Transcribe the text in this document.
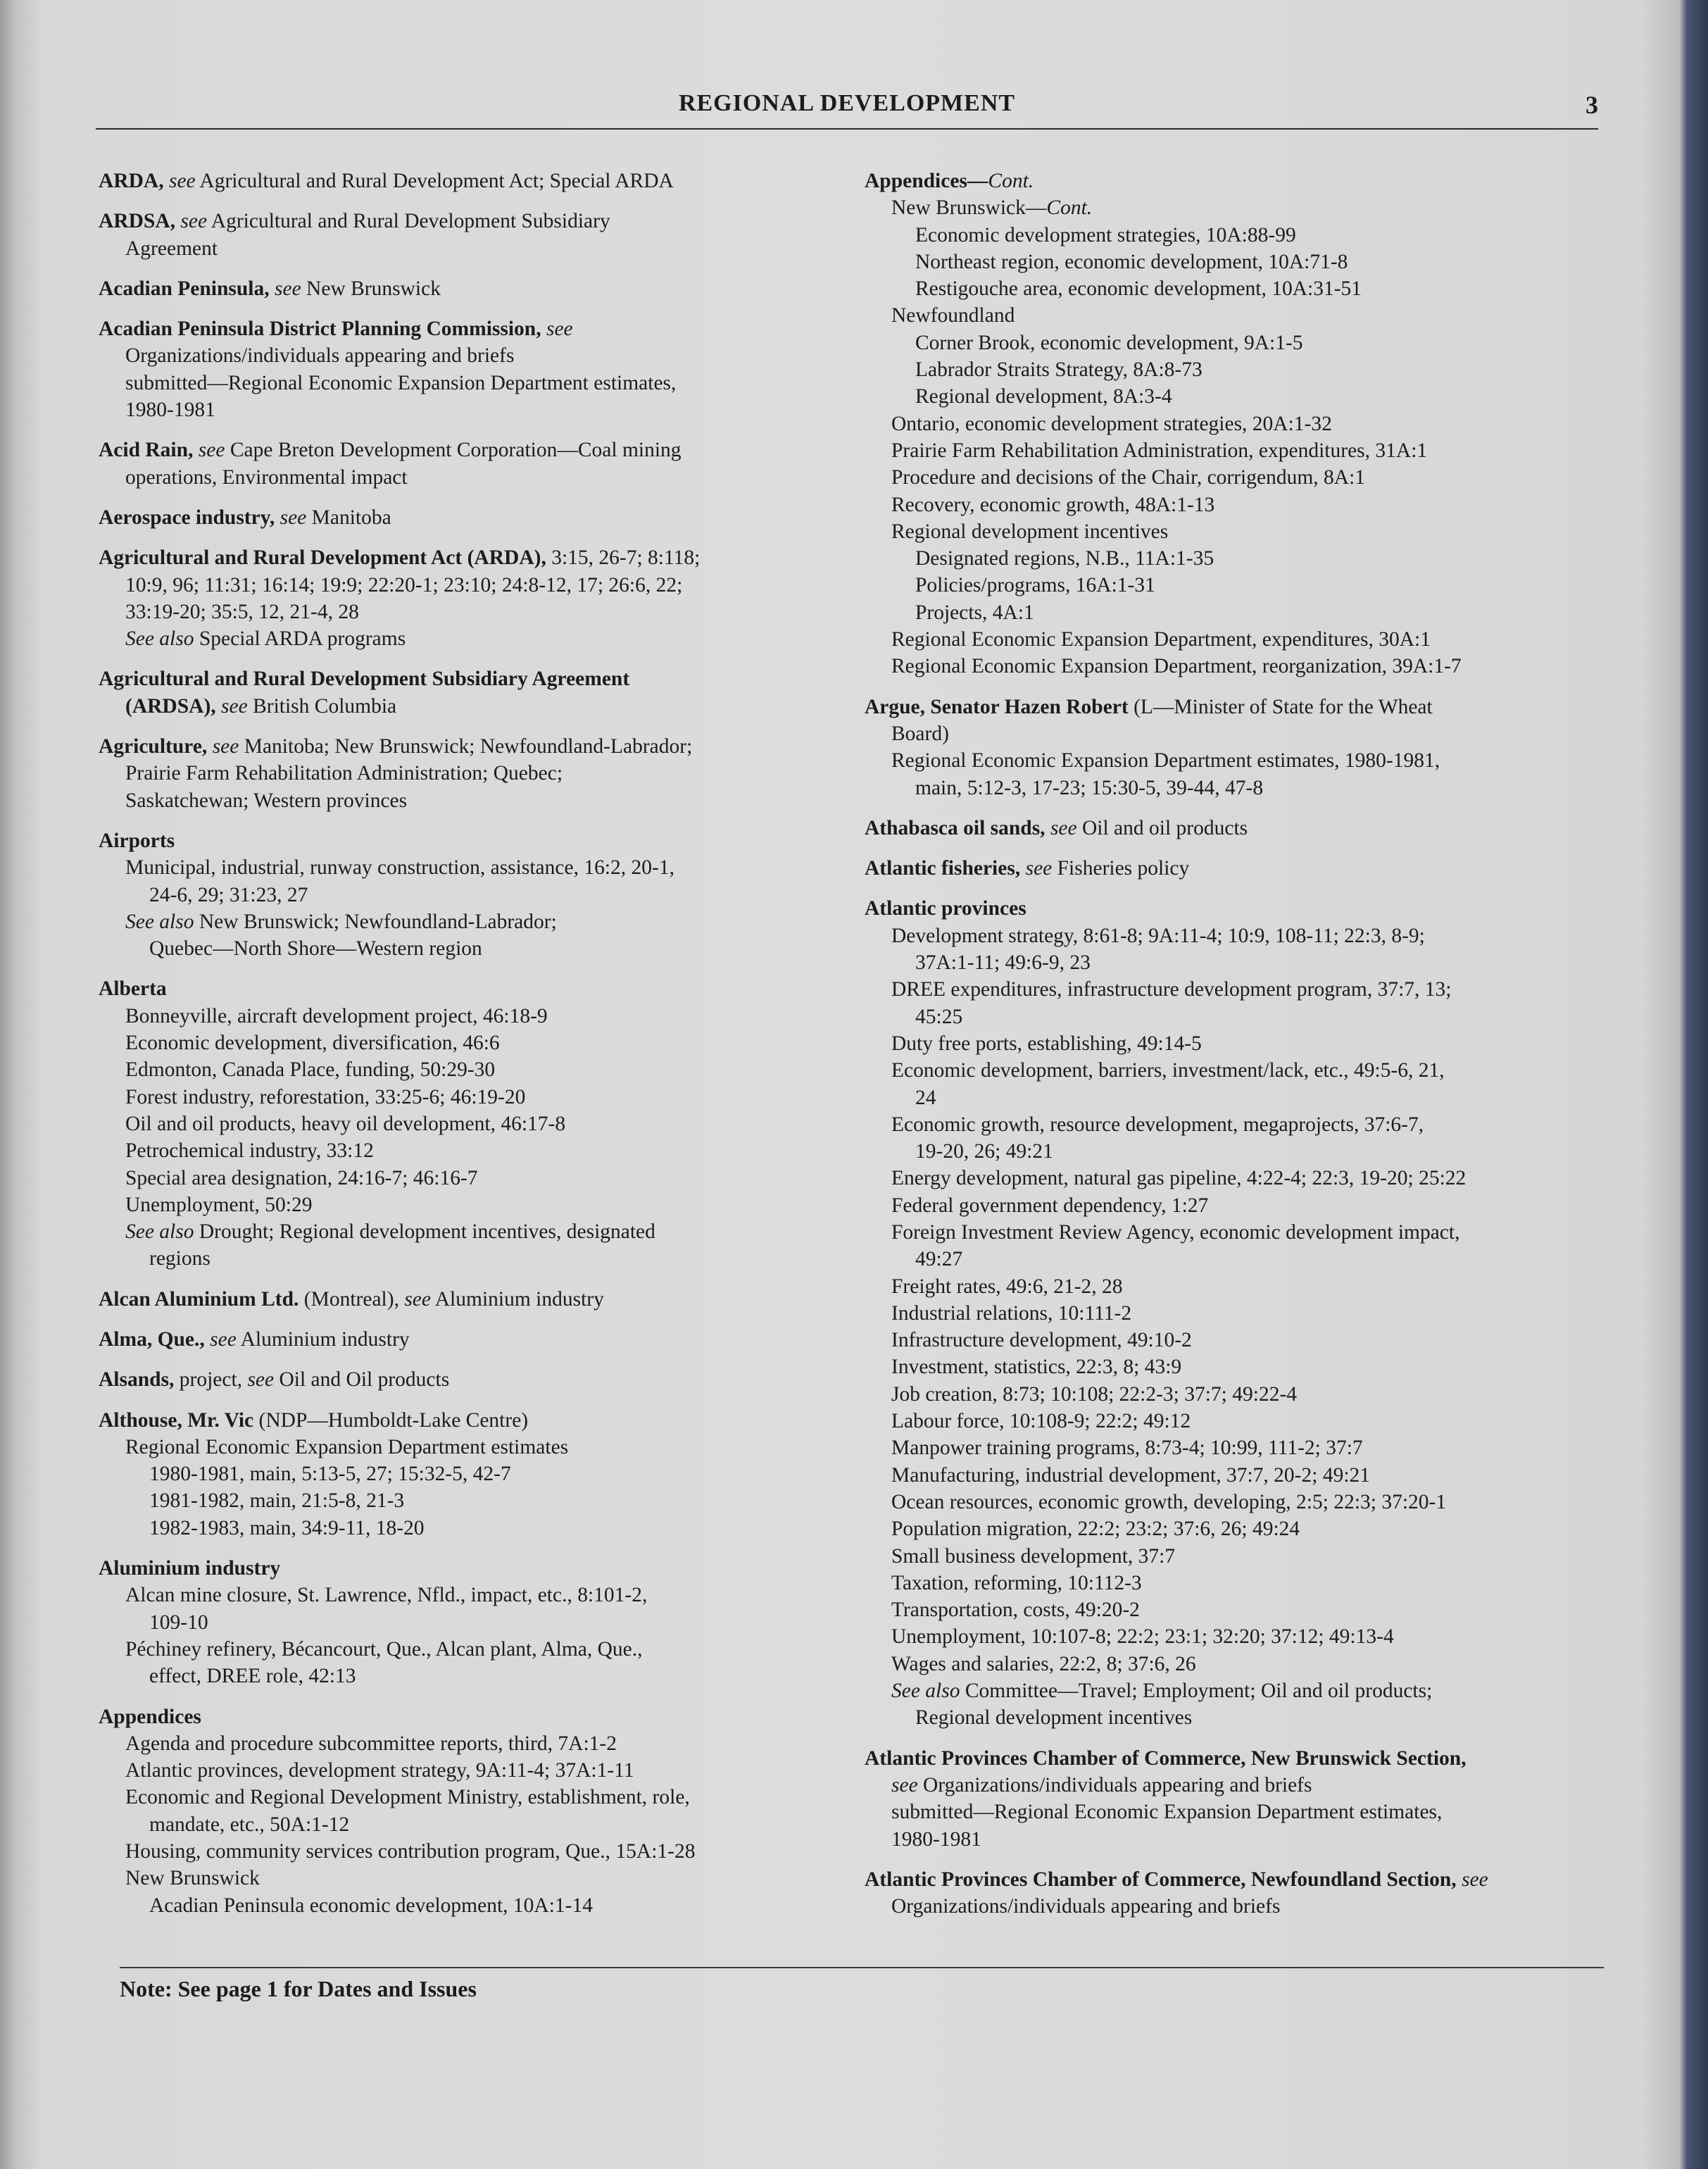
REGIONAL DEVELOPMENT	3
ARDA, see Agricultural and Rural Development Act; Special ARDA
ARDSA, see Agricultural and Rural Development Subsidiary
Agreement
Acadian Peninsula, see New Brunswick
Acadian Peninsula District Planning Commission, see
Organizations/individuals appearing and briefs
submitted—Regional Economic Expansion Department estimates,
1980-1981
Acid Rain, see Cape Breton Development Corporation—Coal mining
operations, Environmental impact
Aerospace industry, see Manitoba
Agricultural and Rural Development Act (ARDA), 3:15, 26-7; 8:118;
10:9, 96; 11:31; 16:14; 19:9; 22:20-1; 23:10; 24:8-12, 17; 26:6, 22;
33:19-20; 35:5, 12, 21-4, 28
See also Special ARDA programs
Agricultural and Rural Development Subsidiary Agreement
(ARDSA), see British Columbia
Agriculture, see Manitoba; New Brunswick; Newfoundland-Labrador;
Prairie Farm Rehabilitation Administration; Quebec;
Saskatchewan; Western provinces
Airports
Municipal, industrial, runway construction, assistance, 16:2, 20-1,
24-6, 29; 31:23, 27
See also New Brunswick; Newfoundland-Labrador;
Quebec—North Shore—Western region
Alberta
Bonneyville, aircraft development project, 46:18-9
Economic development, diversification, 46:6
Edmonton, Canada Place, funding, 50:29-30
Forest industry, reforestation, 33:25-6; 46:19-20
Oil and oil products, heavy oil development, 46:17-8
Petrochemical industry, 33:12
Special area designation, 24:16-7; 46:16-7
Unemployment, 50:29
See also Drought; Regional development incentives, designated
regions
Alcan Aluminium Ltd. (Montreal), see Aluminium industry
Alma, Que., see Aluminium industry
Alsands, project, see Oil and Oil products
Althouse, Mr. Vic (NDP—Humboldt-Lake Centre)
Regional Economic Expansion Department estimates
1980-1981, main, 5:13-5, 27; 15:32-5, 42-7
1981-1982, main, 21:5-8, 21-3
1982-1983, main, 34:9-11, 18-20
Aluminium industry
Alcan mine closure, St. Lawrence, Nfld., impact, etc., 8:101-2,
109-10
Péchiney refinery, Bécancourt, Que., Alcan plant, Alma, Que.,
effect, DREE role, 42:13
Appendices
Agenda and procedure subcommittee reports, third, 7A:1-2
Atlantic provinces, development strategy, 9A:11-4; 37A:1-11
Economic and Regional Development Ministry, establishment, role,
mandate, etc., 50A:1-12
Housing, community services contribution program, Que., 15A:1-28
New Brunswick
Acadian Peninsula economic development, 10A:1-14
Appendices—Cont.
New Brunswick—Cont.
Economic development strategies, 10A:88-99
Northeast region, economic development, 10A:71-8
Restigouche area, economic development, 10A:31-51
Newfoundland
Corner Brook, economic development, 9A:1-5
Labrador Straits Strategy, 8A:8-73
Regional development, 8A:3-4
Ontario, economic development strategies, 20A:1-32
Prairie Farm Rehabilitation Administration, expenditures, 31A:1
Procedure and decisions of the Chair, corrigendum, 8A:1
Recovery, economic growth, 48A:1-13
Regional development incentives
Designated regions, N.B., 11A:1-35
Policies/programs, 16A:1-31
Projects, 4A:1
Regional Economic Expansion Department, expenditures, 30A:1
Regional Economic Expansion Department, reorganization, 39A:1-7
Argue, Senator Hazen Robert (L—Minister of State for the Wheat
Board)
Regional Economic Expansion Department estimates, 1980-1981,
main, 5:12-3, 17-23; 15:30-5, 39-44, 47-8
Athabasca oil sands, see Oil and oil products
Atlantic fisheries, see Fisheries policy
Atlantic provinces
Development strategy, 8:61-8; 9A:11-4; 10:9, 108-11; 22:3, 8-9;
37A:1-11; 49:6-9, 23
DREE expenditures, infrastructure development program, 37:7, 13;
45:25
Duty free ports, establishing, 49:14-5
Economic development, barriers, investment/lack, etc., 49:5-6, 21,
24
Economic growth, resource development, megaprojects, 37:6-7,
19-20, 26; 49:21
Energy development, natural gas pipeline, 4:22-4; 22:3, 19-20; 25:22
Federal government dependency, 1:27
Foreign Investment Review Agency, economic development impact,
49:27
Freight rates, 49:6, 21-2, 28
Industrial relations, 10:111-2
Infrastructure development, 49:10-2
Investment, statistics, 22:3, 8; 43:9
Job creation, 8:73; 10:108; 22:2-3; 37:7; 49:22-4
Labour force, 10:108-9; 22:2; 49:12
Manpower training programs, 8:73-4; 10:99, 111-2; 37:7
Manufacturing, industrial development, 37:7, 20-2; 49:21
Ocean resources, economic growth, developing, 2:5; 22:3; 37:20-1
Population migration, 22:2; 23:2; 37:6, 26; 49:24
Small business development, 37:7
Taxation, reforming, 10:112-3
Transportation, costs, 49:20-2
Unemployment, 10:107-8; 22:2; 23:1; 32:20; 37:12; 49:13-4
Wages and salaries, 22:2, 8; 37:6, 26
See also Committee—Travel; Employment; Oil and oil products;
Regional development incentives
Atlantic Provinces Chamber of Commerce, New Brunswick Section,
see Organizations/individuals appearing and briefs
submitted—Regional Economic Expansion Department estimates,
1980-1981
Atlantic Provinces Chamber of Commerce, Newfoundland Section, see
Organizations/individuals appearing and briefs
Note: See page 1 for Dates and Issues
